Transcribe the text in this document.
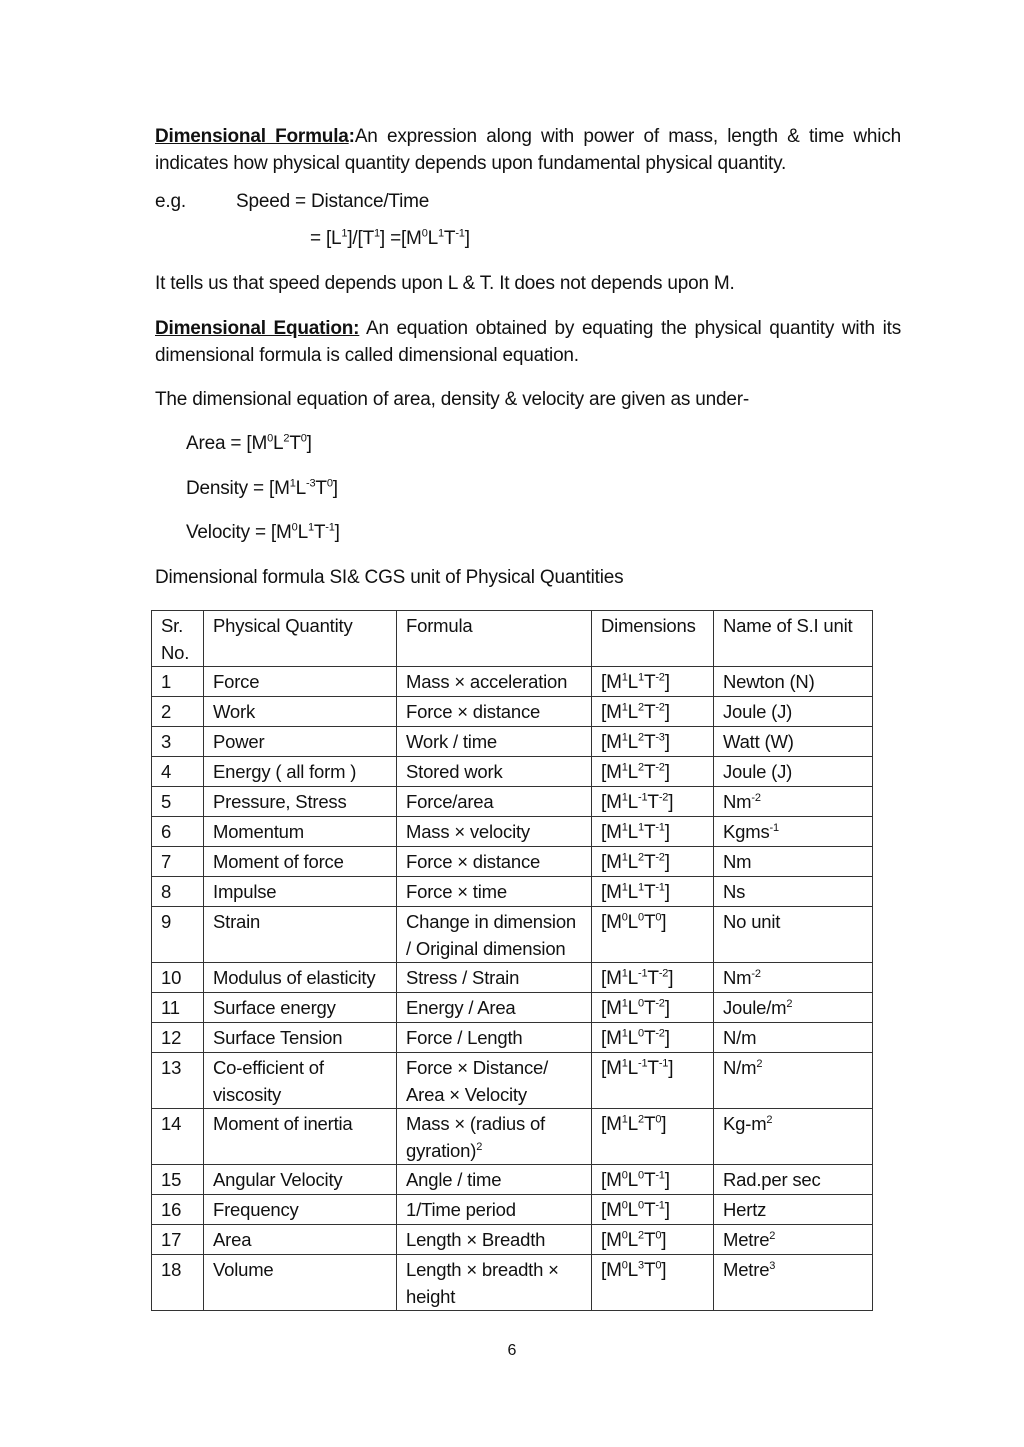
Dimensional Formula:An expression along with power of mass, length & time which indicates how physical quantity depends upon fundamental physical quantity.
e.g.	Speed = Distance/Time
= $[L^1]/[T^1] =[M^0L^1T^{-1}]$
It tells us that speed depends upon L & T. It does not depends upon M.
Dimensional Equation: An equation obtained by equating the physical quantity with its dimensional formula is called dimensional equation.
The dimensional equation of area, density & velocity are given as under-
Area = $[M^0L^2T^0]$
Density = $[M^1L^{-3}T^0]$
Velocity = $[M^0L^1T^{-1}]$
Dimensional formula SI& CGS unit of Physical Quantities
Sr. No.	Physical Quantity	Formula	Dimensions	Name of S.I unit
1	Force	Mass × acceleration	$[M^1L^1T^{-2}]$	Newton (N)
2	Work	Force × distance	$[M^1L^2T^{-2}]$	Joule (J)
3	Power	Work / time	$[M^1L^2T^{-3}]$	Watt (W)
4	Energy ( all form )	Stored work	$[M^1L^2T^{-2}]$	Joule (J)
5	Pressure, Stress	Force/area	$[M^1L^{-1}T^{-2}]$	$Nm^{-2}$
6	Momentum	Mass × velocity	$[M^1L^1T^{-1}]$	Kgms$^{-1}$
7	Moment of force	Force × distance	$[M^1L^2T^{-2}]$	Nm
8	Impulse	Force × time	$[M^1L^1T^{-1}]$	Ns
9	Strain	Change in dimension / Original dimension	$[M^0L^0T^0]$	No unit
10	Modulus of elasticity	Stress / Strain	$[M^1L^{-1}T^{-2}]$	$Nm^{-2}$
11	Surface energy	Energy / Area	$[M^1L^0T^{-2}]$	Joule/$m^2$
12	Surface Tension	Force / Length	$[M^1L^0T^{-2}]$	N/m
13	Co-efficient of viscosity	Force × Distance/ Area × Velocity	$[M^1L^{-1}T^{-1}]$	$N/m^2$
14	Moment of inertia	Mass × (radius of gyration)$^2$	$[M^1L^2T^0]$	$Kg-m^2$
15	Angular Velocity	Angle / time	$[M^0L^0T^{-1}]$	Rad.per sec
16	Frequency	1/Time period	$[M^0L^0T^{-1}]$	Hertz
17	Area	Length × Breadth	$[M^0L^2T^0]$	Metre$^2$
18	Volume	Length × breadth × height	$[M^0L^3T^0]$	Metre$^3$
6
